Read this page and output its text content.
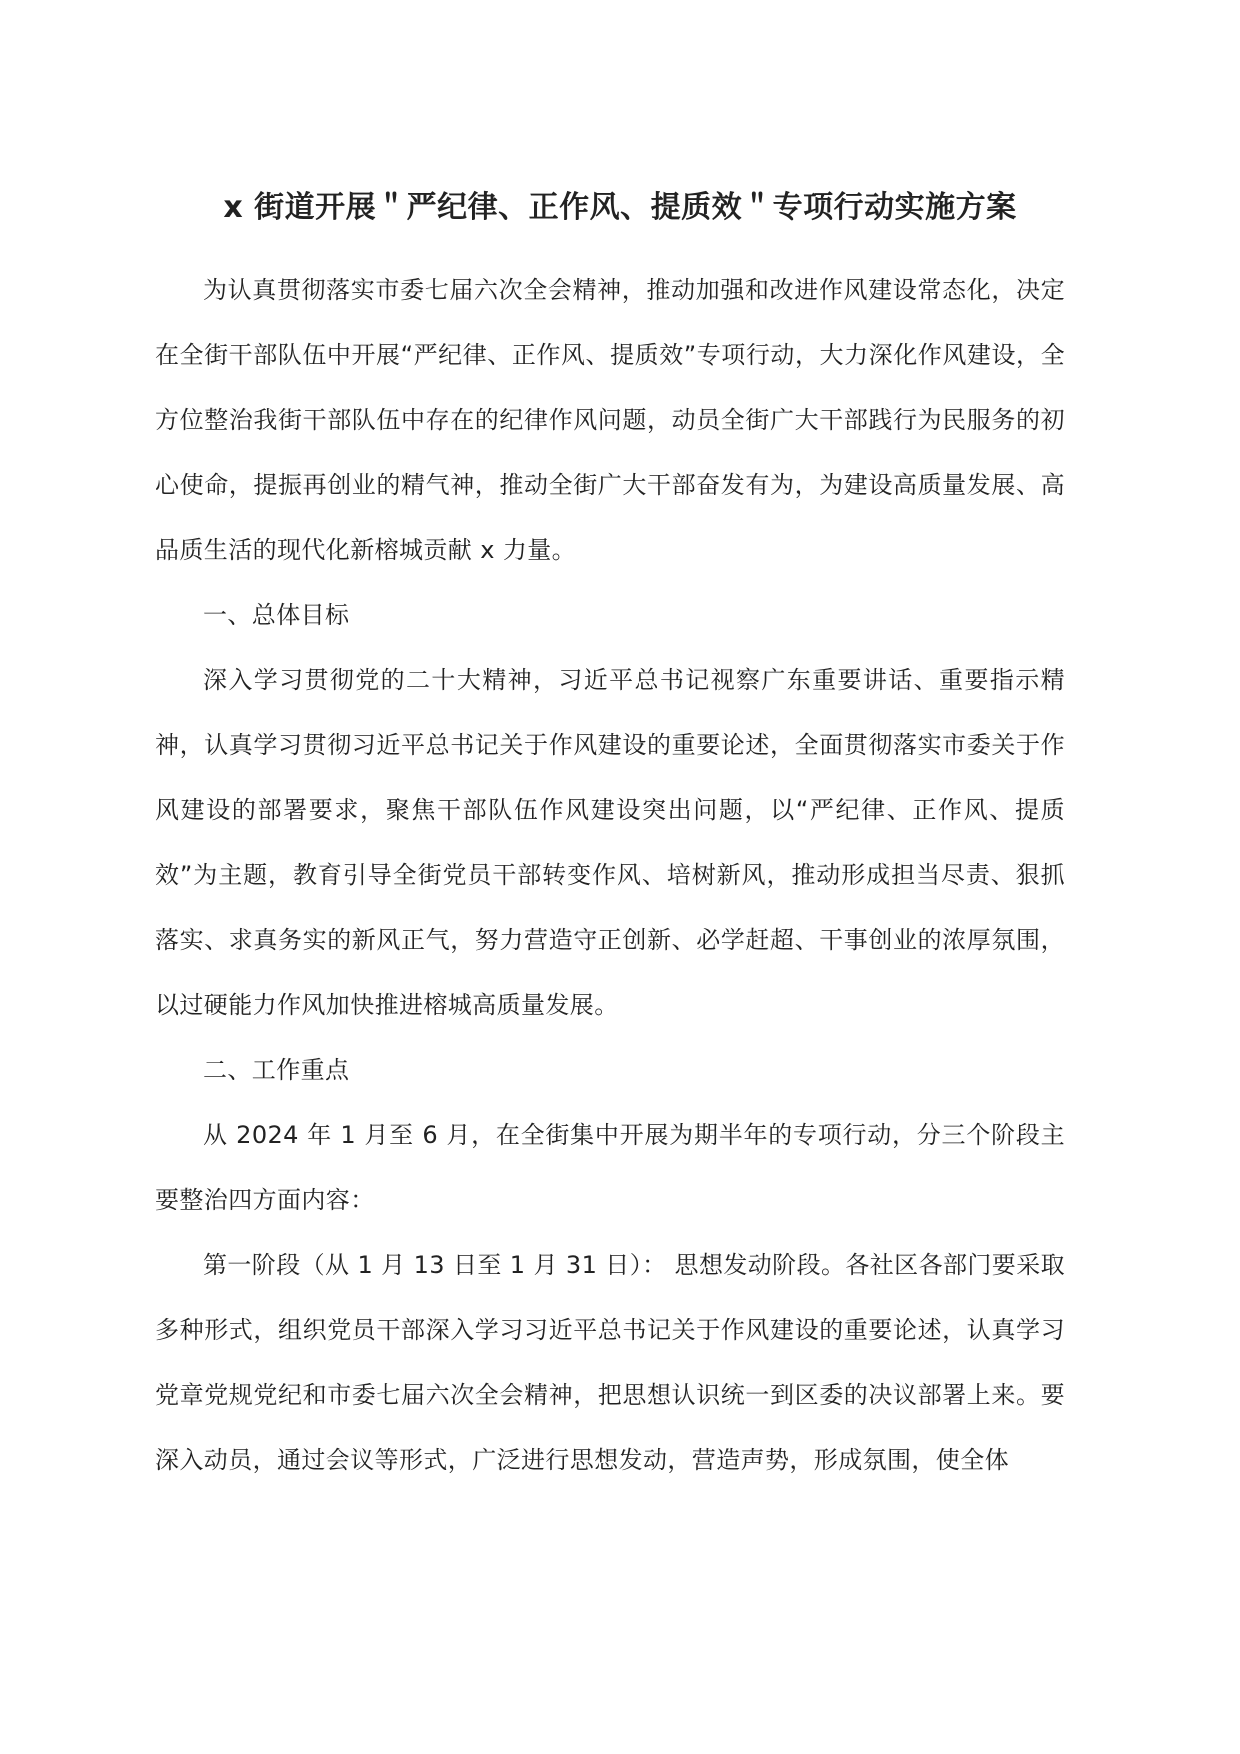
x 街道开展＂严纪律、正作风、提质效＂专项行动实施方案

为认真贯彻落实市委七届六次全会精神，推动加强和改进作风建设常态化，决定在全街干部队伍中开展“严纪律、正作风、提质效”专项行动，大力深化作风建设，全方位整治我街干部队伍中存在的纪律作风问题，动员全街广大干部践行为民服务的初心使命，提振再创业的精气神，推动全街广大干部奋发有为，为建设高质量发展、高品质生活的现代化新榕城贡献 x 力量。

一、总体目标

深入学习贯彻党的二十大精神，习近平总书记视察广东重要讲话、重要指示精神，认真学习贯彻习近平总书记关于作风建设的重要论述，全面贯彻落实市委关于作风建设的部署要求，聚焦干部队伍作风建设突出问题，以“严纪律、正作风、提质效”为主题，教育引导全街党员干部转变作风、培树新风，推动形成担当尽责、狠抓落实、求真务实的新风正气，努力营造守正创新、必学赶超、干事创业的浓厚氛围，以过硬能力作风加快推进榕城高质量发展。

二、工作重点

从 2024 年 1 月至 6 月，在全街集中开展为期半年的专项行动，分三个阶段主要整治四方面内容：

第一阶段（从 1 月 13 日至 1 月 31 日）： 思想发动阶段。各社区各部门要采取多种形式，组织党员干部深入学习习近平总书记关于作风建设的重要论述，认真学习党章党规党纪和市委七届六次全会精神，把思想认识统一到区委的决议部署上来。要深入动员，通过会议等形式，广泛进行思想发动，营造声势，形成氛围，使全体
